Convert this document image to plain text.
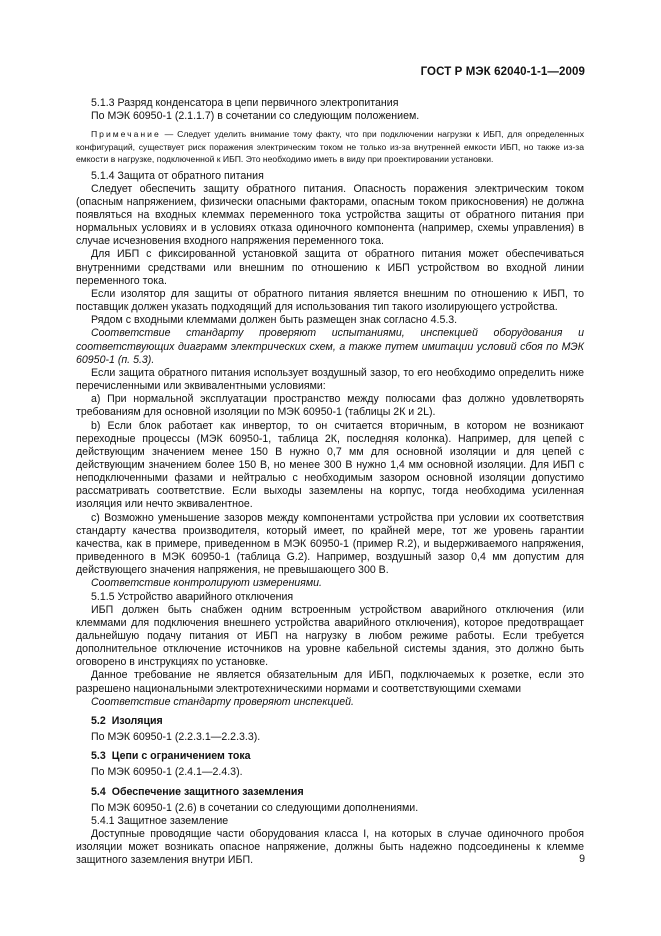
ГОСТ Р МЭК 62040-1-1—2009

5.1.3 Разряд конденсатора в цепи первичного электропитания

По МЭК 60950-1 (2.1.1.7) в сочетании со следующим положением.

Примечание — Следует уделить внимание тому факту, что при подключении нагрузки к ИБП, для определенных конфигураций, существует риск поражения электрическим током не только из-за внутренней емкости ИБП, но также из-за емкости в нагрузке, подключенной к ИБП. Это необходимо иметь в виду при проектировании установки.

5.1.4 Защита от обратного питания

Следует обеспечить защиту обратного питания. Опасность поражения электрическим током (опасным напряжением, физически опасными факторами, опасным током прикосновения) не должна появляться на входных клеммах переменного тока устройства защиты от обратного питания при нормальных условиях и в условиях отказа одиночного компонента (например, схемы управления) в случае исчезновения входного напряжения переменного тока.

Для ИБП с фиксированной установкой защита от обратного питания может обеспечиваться внутренними средствами или внешним по отношению к ИБП устройством во входной линии переменного тока.

Если изолятор для защиты от обратного питания является внешним по отношению к ИБП, то поставщик должен указать подходящий для использования тип такого изолирующего устройства.

Рядом с входными клеммами должен быть размещен знак согласно 4.5.3.

Соответствие стандарту проверяют испытаниями, инспекцией оборудования и соответствующих диаграмм электрических схем, а также путем имитации условий сбоя по МЭК 60950-1 (п. 5.3).

Если защита обратного питания использует воздушный зазор, то его необходимо определить ниже перечисленными или эквивалентными условиями:

а) При нормальной эксплуатации пространство между полюсами фаз должно удовлетворять требованиям для основной изоляции по МЭК 60950-1 (таблицы 2К и 2L).

b) Если блок работает как инвертор, то он считается вторичным, в котором не возникают переходные процессы (МЭК 60950-1, таблица 2К, последняя колонка). Например, для цепей с действующим значением менее 150 В нужно 0,7 мм для основной изоляции и для цепей с действующим значением более 150 В, но менее 300 В нужно 1,4 мм основной изоляции. Для ИБП с неподключенными фазами и нейтралью с необходимым зазором основной изоляции допустимо рассматривать соответствие. Если выходы заземлены на корпус, тогда необходима усиленная изоляция или нечто эквивалентное.

с) Возможно уменьшение зазоров между компонентами устройства при условии их соответствия стандарту качества производителя, который имеет, по крайней мере, тот же уровень гарантии качества, как в примере, приведенном в МЭК 60950-1 (пример R.2), и выдерживаемого напряжения, приведенного в МЭК 60950-1 (таблица G.2). Например, воздушный зазор 0,4 мм допустим для действующего значения напряжения, не превышающего 300 В.

Соответствие контролируют измерениями.

5.1.5 Устройство аварийного отключения

ИБП должен быть снабжен одним встроенным устройством аварийного отключения (или клеммами для подключения внешнего устройства аварийного отключения), которое предотвращает дальнейшую подачу питания от ИБП на нагрузку в любом режиме работы. Если требуется дополнительное отключение источников на уровне кабельной системы здания, это должно быть оговорено в инструкциях по установке.

Данное требование не является обязательным для ИБП, подключаемых к розетке, если это разрешено национальными электротехническими нормами и соответствующими схемами

Соответствие стандарту проверяют инспекцией.

5.2 Изоляция

По МЭК 60950-1 (2.2.3.1—2.2.3.3).

5.3 Цепи с ограничением тока

По МЭК 60950-1 (2.4.1—2.4.3).

5.4 Обеспечение защитного заземления

По МЭК 60950-1 (2.6) в сочетании со следующими дополнениями.

5.4.1 Защитное заземление

Доступные проводящие части оборудования класса I, на которых в случае одиночного пробоя изоляции может возникать опасное напряжение, должны быть надежно подсоединены к клемме защитного заземления внутри ИБП.	9
